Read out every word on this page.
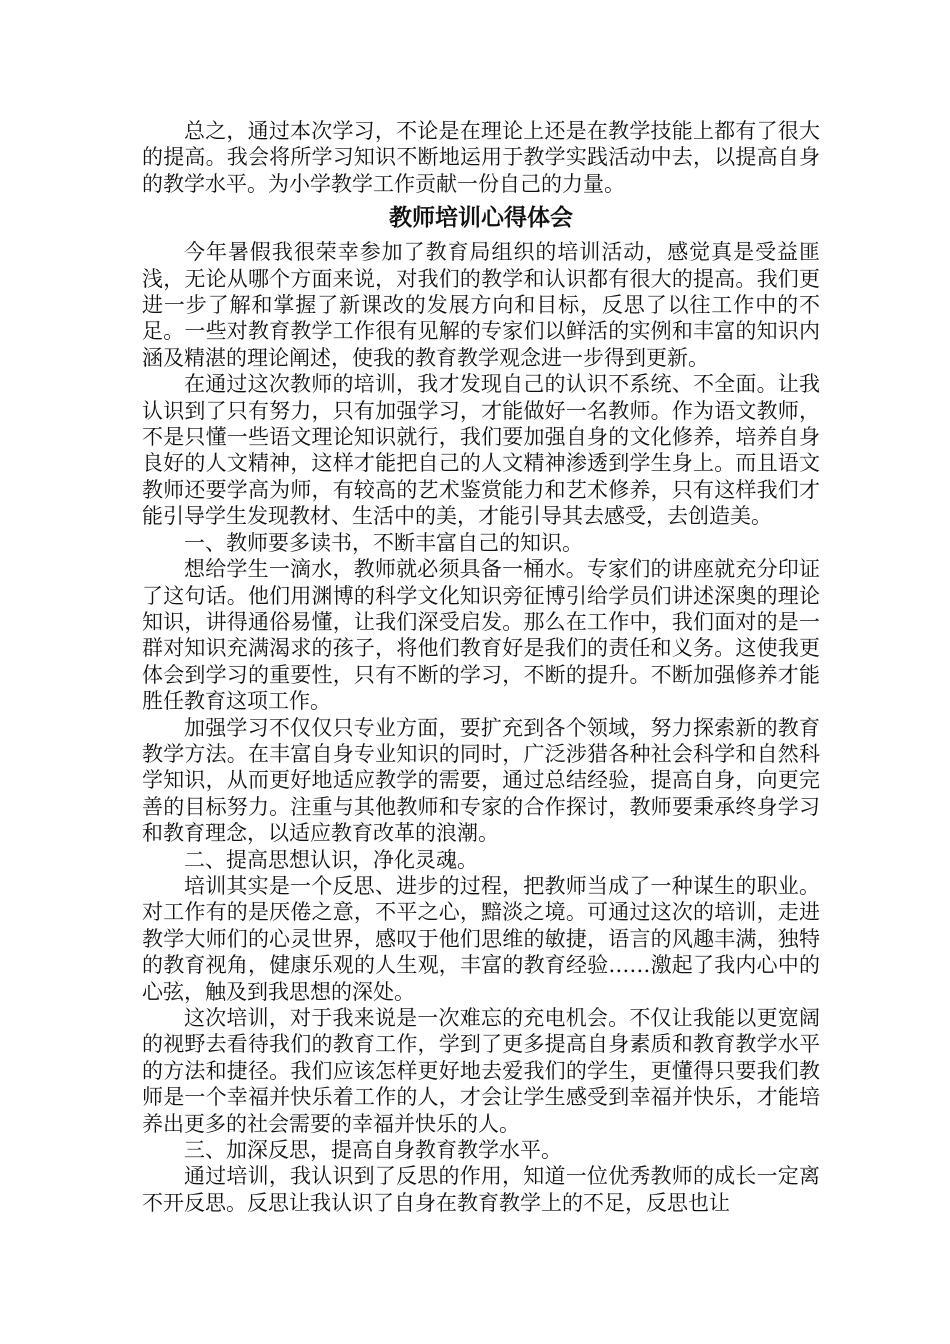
总之，通过本次学习，不论是在理论上还是在教学技能上都有了很大的提高。我会将所学习知识不断地运用于教学实践活动中去，以提高自身的教学水平。为小学教学工作贡献一份自己的力量。

教师培训心得体会

今年暑假我很荣幸参加了教育局组织的培训活动，感觉真是受益匪浅，无论从哪个方面来说，对我们的教学和认识都有很大的提高。我们更进一步了解和掌握了新课改的发展方向和目标，反思了以往工作中的不足。一些对教育教学工作很有见解的专家们以鲜活的实例和丰富的知识内涵及精湛的理论阐述，使我的教育教学观念进一步得到更新。

在通过这次教师的培训，我才发现自己的认识不系统、不全面。让我认识到了只有努力，只有加强学习，才能做好一名教师。作为语文教师，不是只懂一些语文理论知识就行，我们要加强自身的文化修养，培养自身良好的人文精神，这样才能把自己的人文精神渗透到学生身上。而且语文教师还要学高为师，有较高的艺术鉴赏能力和艺术修养，只有这样我们才能引导学生发现教材、生活中的美，才能引导其去感受，去创造美。

一、教师要多读书，不断丰富自己的知识。

想给学生一滴水，教师就必须具备一桶水。专家们的讲座就充分印证了这句话。他们用渊博的科学文化知识旁征博引给学员们讲述深奥的理论知识，讲得通俗易懂，让我们深受启发。那么在工作中，我们面对的是一群对知识充满渴求的孩子，将他们教育好是我们的责任和义务。这使我更体会到学习的重要性，只有不断的学习，不断的提升。不断加强修养才能胜任教育这项工作。

加强学习不仅仅只专业方面，要扩充到各个领域，努力探索新的教育教学方法。在丰富自身专业知识的同时，广泛涉猎各种社会科学和自然科学知识，从而更好地适应教学的需要，通过总结经验，提高自身，向更完善的目标努力。注重与其他教师和专家的合作探讨，教师要秉承终身学习和教育理念，以适应教育改革的浪潮。

二、提高思想认识，净化灵魂。

培训其实是一个反思、进步的过程，把教师当成了一种谋生的职业。对工作有的是厌倦之意，不平之心，黯淡之境。可通过这次的培训，走进教学大师们的心灵世界，感叹于他们思维的敏捷，语言的风趣丰满，独特的教育视角，健康乐观的人生观，丰富的教育经验……激起了我内心中的心弦，触及到我思想的深处。

这次培训，对于我来说是一次难忘的充电机会。不仅让我能以更宽阔的视野去看待我们的教育工作，学到了更多提高自身素质和教育教学水平的方法和捷径。我们应该怎样更好地去爱我们的学生，更懂得只要我们教师是一个幸福并快乐着工作的人，才会让学生感受到幸福并快乐，才能培养出更多的社会需要的幸福并快乐的人。

三、加深反思，提高自身教育教学水平。

通过培训，我认识到了反思的作用，知道一位优秀教师的成长一定离不开反思。反思让我认识了自身在教育教学上的不足，反思也让
